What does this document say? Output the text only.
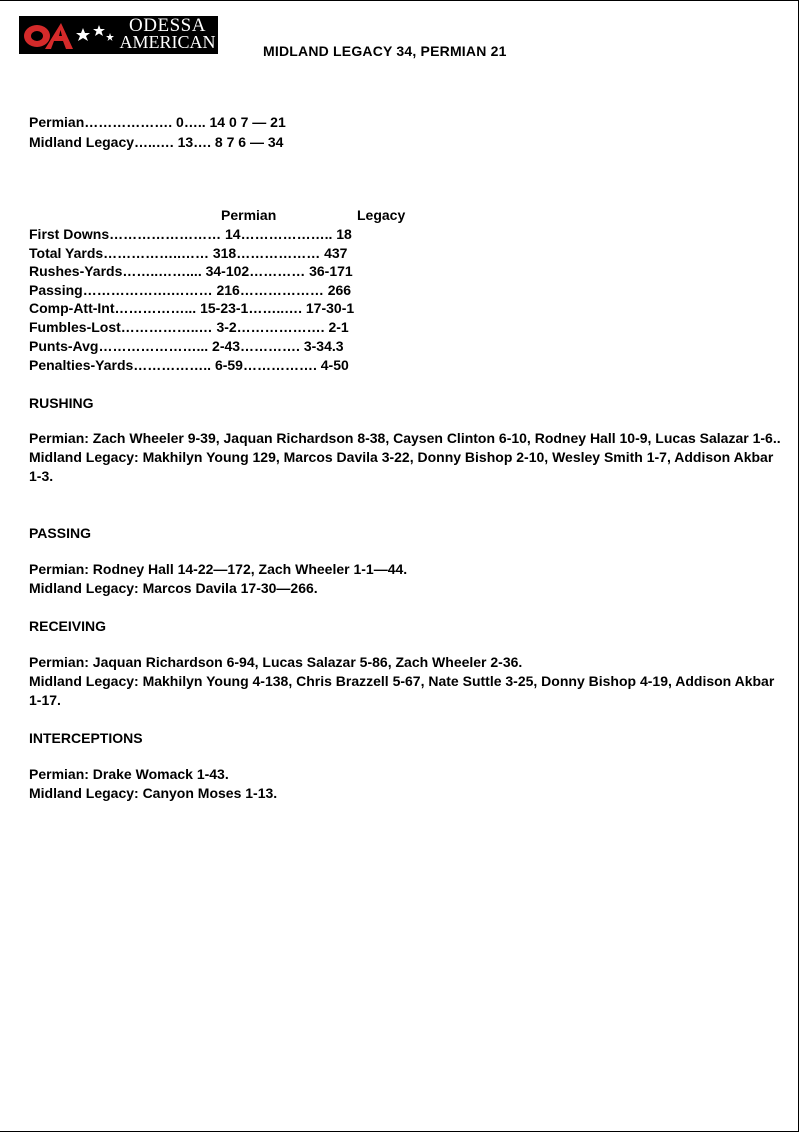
ODESSA
AMERICAN	MIDLAND LEGACY 34, PERMIAN 21
Permian………………. 0….. 14 0 7 — 21
Midland Legacy…..…. 13…. 8 7 6 — 34
Permian	Legacy
First Downs…………………… 14……………….. 18
Total Yards……………..…… 318……………… 437
Rushes-Yards……..…….... 34-102………… 36-171
Passing……………….……… 216……………… 266
Comp-Att-Int……………... 15-23-1……..…. 17-30-1
Fumbles-Lost……………..… 3-2………………. 2-1
Punts-Avg…………………... 2-43…………. 3-34.3
Penalties-Yards…………….. 6-59……………. 4-50
RUSHING

Permian: Zach Wheeler 9-39, Jaquan Richardson 8-38, Caysen Clinton 6-10, Rodney Hall 10-9, Lucas Salazar 1-6..

Midland Legacy: Makhilyn Young 129, Marcos Davila 3-22, Donny Bishop 2-10, Wesley Smith 1-7, Addison Akbar 1-3.

PASSING

Permian: Rodney Hall 14-22—172, Zach Wheeler 1-1—44.

Midland Legacy: Marcos Davila 17-30—266.

RECEIVING

Permian: Jaquan Richardson 6-94, Lucas Salazar 5-86, Zach Wheeler 2-36.

Midland Legacy: Makhilyn Young 4-138, Chris Brazzell 5-67, Nate Suttle 3-25, Donny Bishop 4-19, Addison Akbar 1-17.

INTERCEPTIONS

Permian: Drake Womack 1-43.

Midland Legacy: Canyon Moses 1-13.
